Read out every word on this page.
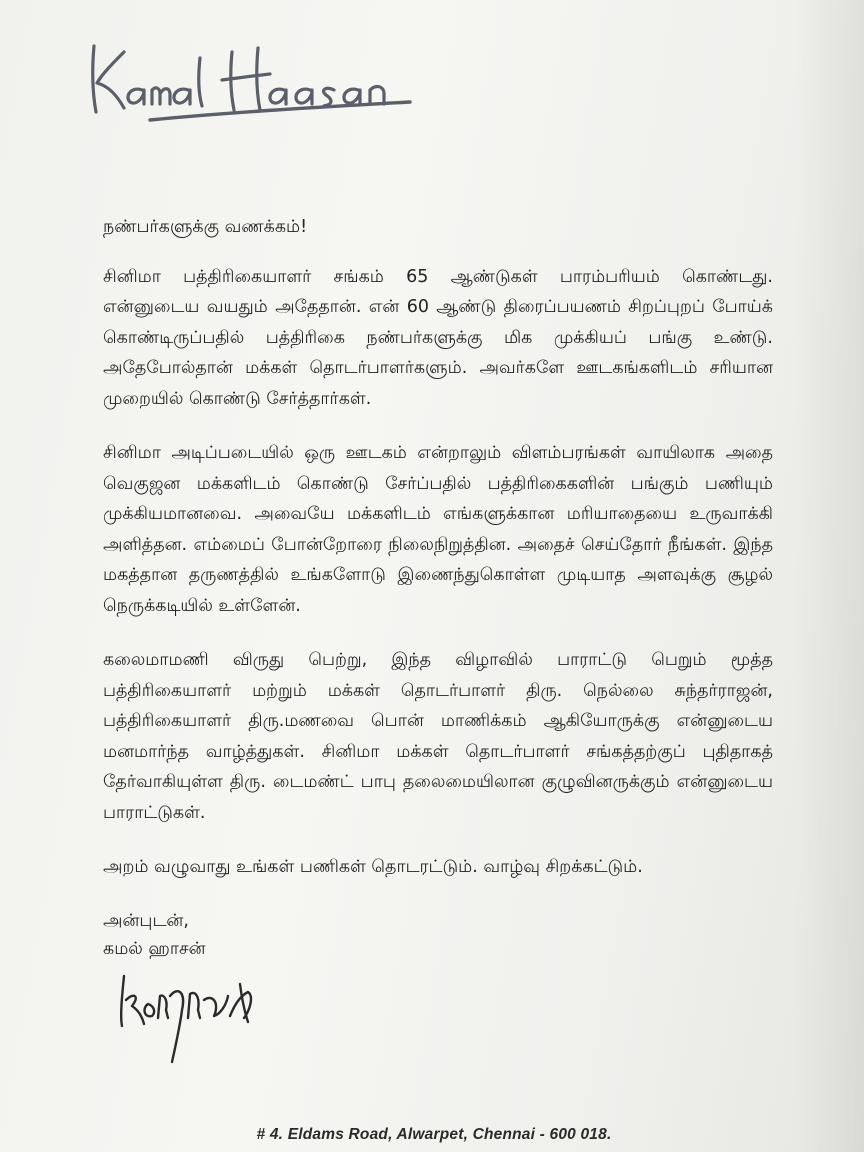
நண்பர்களுக்கு வணக்கம்!
சினிமா பத்திரிகையாளர் சங்கம் 65 ஆண்டுகள் பாரம்பரியம் கொண்டது. என்னுடைய வயதும் அதேதான். என் 60 ஆண்டு திரைப்பயணம் சிறப்புறப் போய்க் கொண்டிருப்பதில் பத்திரிகை நண்பர்களுக்கு மிக முக்கியப் பங்கு உண்டு. அதேபோல்தான் மக்கள் தொடர்பாளர்களும். அவர்களே ஊடகங்களிடம் சரியான முறையில் கொண்டு சேர்த்தார்கள்.
சினிமா அடிப்படையில் ஒரு ஊடகம் என்றாலும் விளம்பரங்கள் வாயிலாக அதை வெகுஜன மக்களிடம் கொண்டு சேர்ப்பதில் பத்திரிகைகளின் பங்கும் பணியும் முக்கியமானவை. அவையே மக்களிடம் எங்களுக்கான மரியாதையை உருவாக்கி அளித்தன. எம்மைப் போன்றோரை நிலைநிறுத்தின. அதைச் செய்தோர் நீங்கள். இந்த மகத்தான தருணத்தில் உங்களோடு இணைந்துகொள்ள முடியாத அளவுக்கு சூழல் நெருக்கடியில் உள்ளேன்.
கலைமாமணி விருது பெற்று, இந்த விழாவில் பாராட்டு பெறும் மூத்த பத்திரிகையாளர் மற்றும் மக்கள் தொடர்பாளர் திரு. நெல்லை சுந்தர்ராஜன், பத்திரிகையாளர் திரு.மணவை பொன் மாணிக்கம் ஆகியோருக்கு என்னுடைய மனமார்ந்த வாழ்த்துகள். சினிமா மக்கள் தொடர்பாளர் சங்கத்தற்குப் புதிதாகத் தேர்வாகியுள்ள திரு. டைமண்ட் பாபு தலைமையிலான குழுவினருக்கும் என்னுடைய பாராட்டுகள்.
அறம் வழுவாது உங்கள் பணிகள் தொடரட்டும். வாழ்வு சிறக்கட்டும்.
அன்புடன்,
கமல் ஹாசன்
# 4. Eldams Road, Alwarpet, Chennai - 600 018.
